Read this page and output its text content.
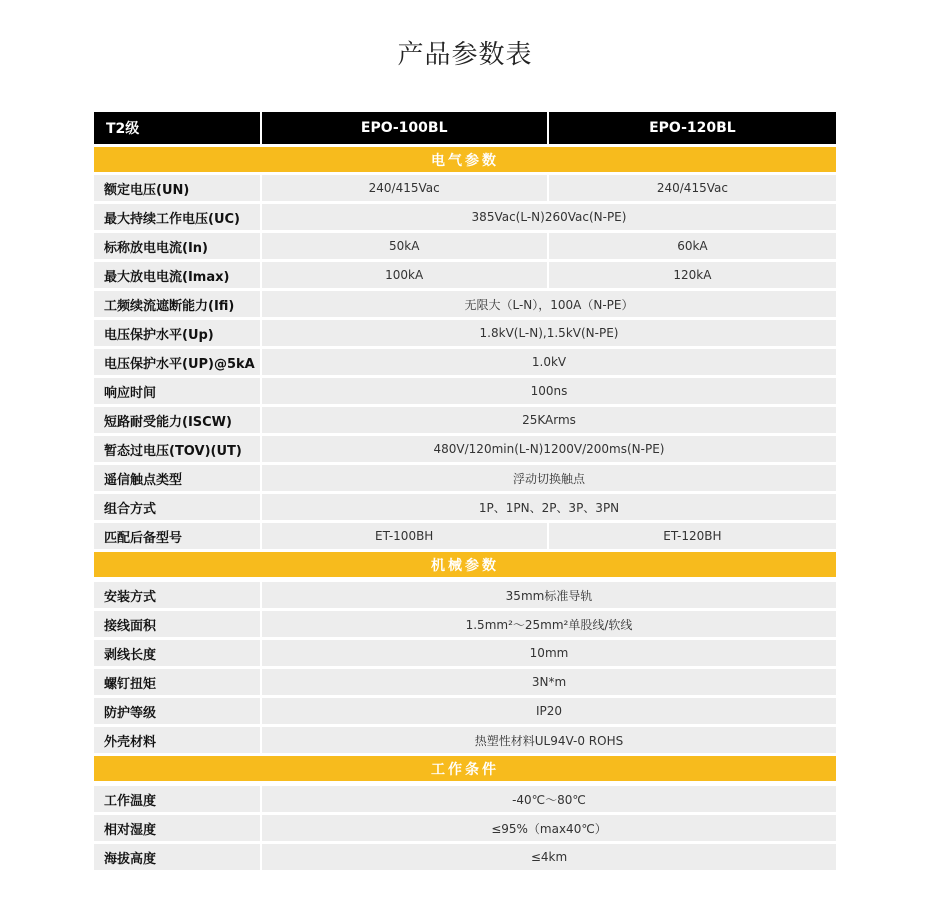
产品参数表
T2级	EPO-100BL	EPO-120BL
电气参数
额定电压(UN)	240/415Vac	240/415Vac
最大持续工作电压(UC)	385Vac(L-N)260Vac(N-PE)
标称放电电流(In)	50kA	60kA
最大放电电流(Imax)	100kA	120kA
工频续流遮断能力(Ifi)	无限大（L-N），100A（N-PE）
电压保护水平(Up)	1.8kV(L-N),1.5kV(N-PE)
电压保护水平(UP)@5kA	1.0kV
响应时间	100ns
短路耐受能力(ISCW)	25KArms
暂态过电压(TOV)(UT)	480V/120min(L-N)1200V/200ms(N-PE)
遥信触点类型	浮动切换触点
组合方式	1P、1PN、2P、3P、3PN
匹配后备型号	ET-100BH	ET-120BH
机械参数
安装方式	35mm标准导轨
接线面积	1.5mm²～25mm²单股线/软线
剥线长度	10mm
螺钉扭矩	3N*m
防护等级	IP20
外壳材料	热塑性材料UL94V-0 ROHS
工作条件
工作温度	-40℃～80℃
相对湿度	≤95%（max40℃）
海拔高度	≤4km
